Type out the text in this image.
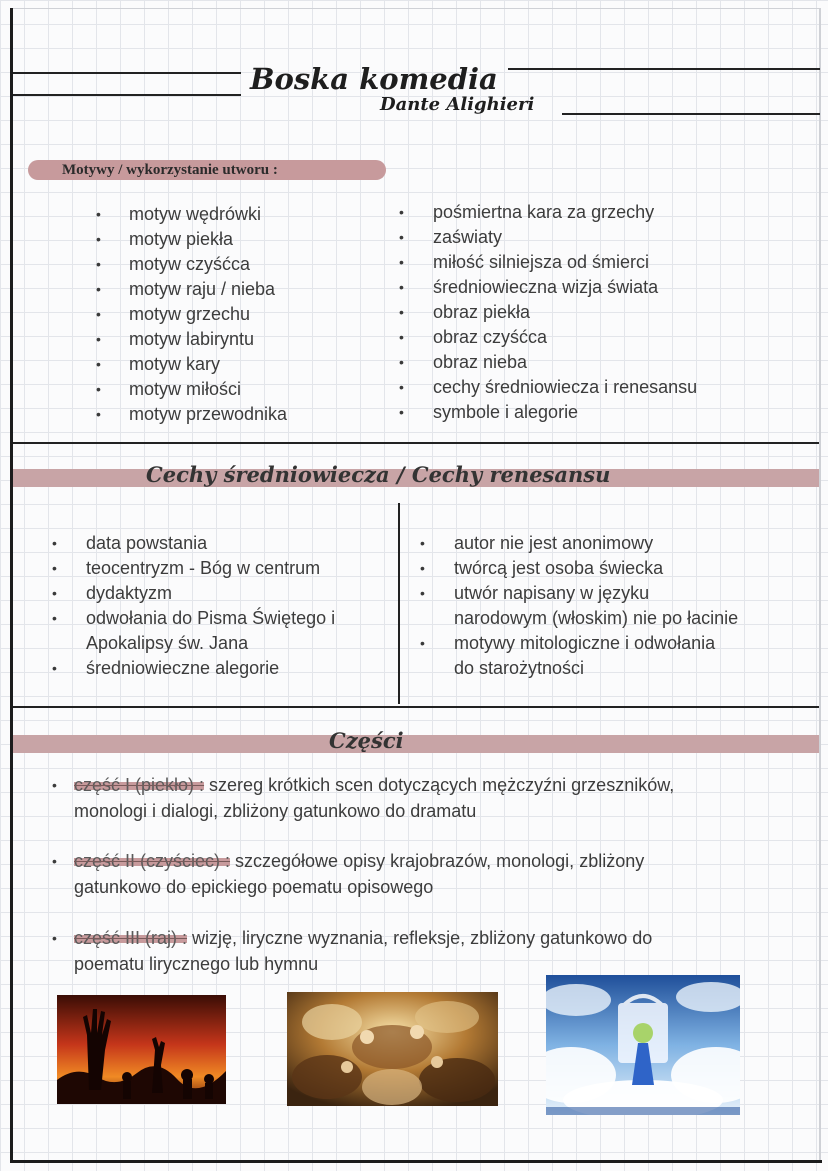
Boska komedia
Dante Alighieri
Motywy / wykorzystanie utworu :
• motyw wędrówki
• motyw piekła
• motyw czyśćca
• motyw raju / nieba
• motyw grzechu
• motyw labiryntu
• motyw kary
• motyw miłości
• motyw przewodnika
• pośmiertna kara za grzechy
• zaświaty
• miłość silniejsza od śmierci
• średniowieczna wizja świata
• obraz piekła
• obraz czyśćca
• obraz nieba
• cechy średniowiecza i renesansu
• symbole i alegorie
Cechy średniowiecza / Cechy renesansu
• data powstania
• teocentryzm - Bóg w centrum
• dydaktyzm
• odwołania do Pisma Świętego i
Apokalipsy św. Jana
• średniowieczne alegorie
• autor nie jest anonimowy
• twórcą jest osoba świecka
• utwór napisany w języku
narodowym (włoskim) nie po łacinie
• motywy mitologiczne i odwołania
do starożytności
Części
• część I (piekło) : szereg krótkich scen dotyczących mężczyźni grzeszników,
monologi i dialogi, zbliżony gatunkowo do dramatu
• część II (czyściec) : szczegółowe opisy krajobrazów, monologi, zbliżony
gatunkowo do epickiego poematu opisowego
• część III (raj) : wizję, liryczne wyznania, refleksje, zbliżony gatunkowo do
poematu lirycznego lub hymnu
